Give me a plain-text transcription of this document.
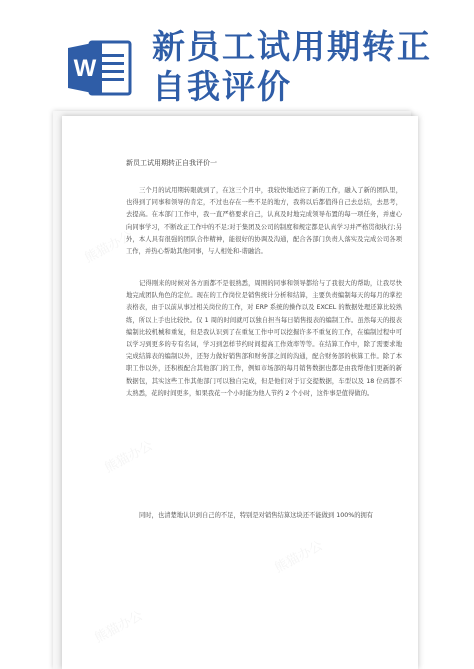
W
新员工试用期转正
自我评价
新员工试用期转正自我评价一
三个月的试用期转眼就到了，在这三个月中，我较快地适应了新的工作，融入了新的团队里，也得到了同事和领导的肯定，不过也存在一些不足的地方，我将以后都值得自己去总结，去思考，去提高。在本部门工作中，我一直严格要求自己，认真及时地完成领导布置的每一项任务，并虚心向同事学习，不断改正工作中的不足;对于集团及公司的制度和规定都是认真学习并严格贯彻执行;另外，本人具有很强的团队合作精神，能很好的协调及沟通，配合各部门负责人落实及完成公司各项工作，并热心帮助其他同事，与人相处和-谐融洽。
记得刚来的时候对各方面都不是很熟悉，周围的同事和领导都给与了我很大的帮助，让我尽快地完成团队角色的定位。现在的工作岗位是销售统计分析和结算，主要负责编制每天的每月的掌控表格表，由于以前从事过相关岗位的工作，对 ERP 系统的操作以及 EXCEL 的数据处理还算比较熟练，所以上手也比较快。仅 1 周的时间就可以独自担当每日销售报表的编制工作。虽然每天的报表编制比较机械和重复，但是我认识到了在重复工作中可以挖掘许多不重复的工作，在编制过程中可以学习到更多的专有名词，学习到怎样节约时间提高工作效率等等。在结算工作中，除了需要求地完成结算表的编制以外，还努力做好销售部和财务部之间的沟通，配合财务部的核算工作。除了本职工作以外，还积极配合其他部门的工作，例如市场部的每月销售数据也都是由我帮他们更新的新数据包，其实这些工作其他部门可以独自完成，但是他们对于订交提数据，车型以及 18 位码都不太熟悉，花的时间更多，如果我花一个小时能为他人节约 2 个小时，这件事是值得做的。
同时，也清楚地认识到自己的不足，特别是对销售结算这块还不能做到 100%的拥有
熊猫办公
熊猫办公
熊猫办公
熊猫办公
熊猫办公
